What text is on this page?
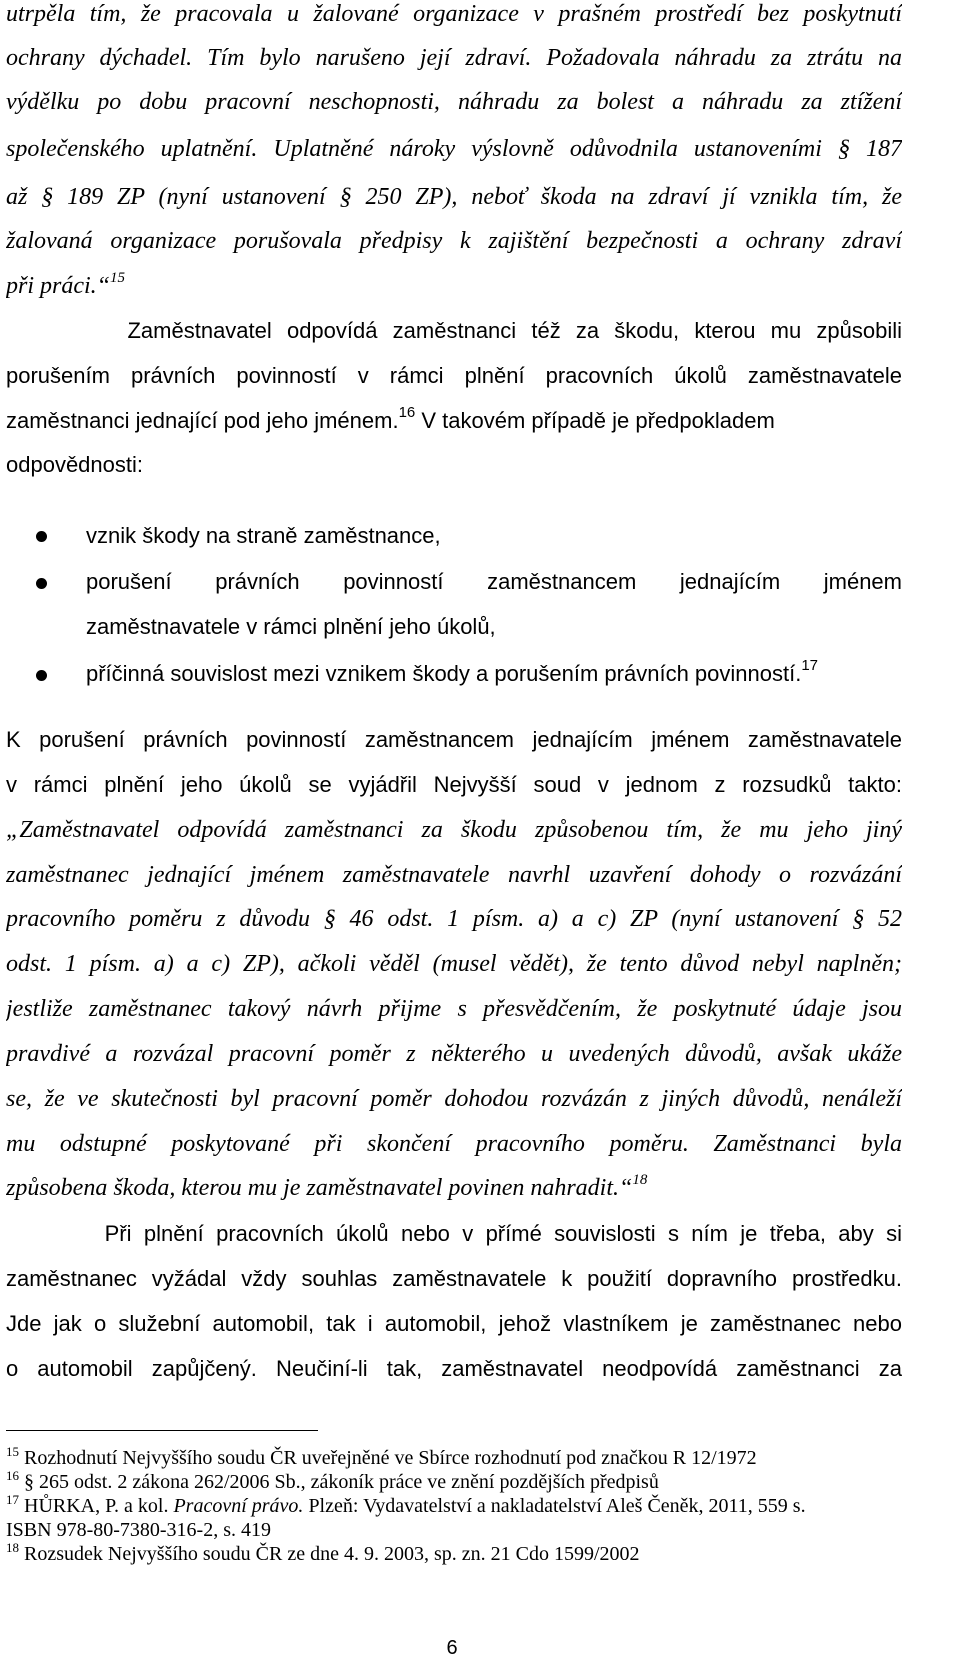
utrpěla tím, že pracovala u žalované organizace v prašném prostředí bez poskytnutí
ochrany dýchadel. Tím bylo narušeno její zdraví. Požadovala náhradu za ztrátu na
výdělku po dobu pracovní neschopnosti, náhradu za bolest a náhradu za ztížení
společenského uplatnění. Uplatněné nároky výslovně odůvodnila ustanoveními § 187
až § 189 ZP (nyní ustanovení § 250 ZP), neboť škoda na zdraví jí vznikla tím, že
žalovaná organizace porušovala předpisy k zajištění bezpečnosti a ochrany zdraví
při práci.“$^{15}$
Zaměstnavatel odpovídá zaměstnanci též za škodu, kterou mu způsobili
porušením právních povinností v rámci plnění pracovních úkolů zaměstnavatele
zaměstnanci jednající pod jeho jménem.$^{16}$ V takovém případě je předpokladem
odpovědnosti:
vznik škody na straně zaměstnance,
porušení právních povinností zaměstnancem jednajícím jménem
zaměstnavatele v rámci plnění jeho úkolů,
příčinná souvislost mezi vznikem škody a porušením právních povinností.$^{17}$
K porušení právních povinností zaměstnancem jednajícím jménem zaměstnavatele
v rámci plnění jeho úkolů se vyjádřil Nejvyšší soud v jednom z rozsudků takto:
„Zaměstnavatel odpovídá zaměstnanci za škodu způsobenou tím, že mu jeho jiný
zaměstnanec jednající jménem zaměstnavatele navrhl uzavření dohody o rozvázání
pracovního poměru z důvodu § 46 odst. 1 písm. a) a c) ZP (nyní ustanovení § 52
odst. 1 písm. a) a c) ZP), ačkoli věděl (musel vědět), že tento důvod nebyl naplněn;
jestliže zaměstnanec takový návrh přijme s přesvědčením, že poskytnuté údaje jsou
pravdivé a rozvázal pracovní poměr z některého u uvedených důvodů, avšak ukáže
se, že ve skutečnosti byl pracovní poměr dohodou rozvázán z jiných důvodů, nenáleží
mu odstupné poskytované při skončení pracovního poměru. Zaměstnanci byla
způsobena škoda, kterou mu je zaměstnavatel povinen nahradit.“$^{18}$
Při plnění pracovních úkolů nebo v přímé souvislosti s ním je třeba, aby si
zaměstnanec vyžádal vždy souhlas zaměstnavatele k použití dopravního prostředku.
Jde jak o služební automobil, tak i automobil, jehož vlastníkem je zaměstnanec nebo
o automobil zapůjčený. Neučiní-li tak, zaměstnavatel neodpovídá zaměstnanci za
$^{15}$ Rozhodnutí Nejvyššího soudu ČR uveřejněné ve Sbírce rozhodnutí pod značkou R 12/1972
$^{16}$ § 265 odst. 2 zákona 262/2006 Sb., zákoník práce ve znění pozdějších předpisů
$^{17}$ HŮRKA, P. a kol. Pracovní právo. Plzeň: Vydavatelství a nakladatelství Aleš Čeněk, 2011, 559 s.
ISBN 978-80-7380-316-2, s. 419
$^{18}$ Rozsudek Nejvyššího soudu ČR ze dne 4. 9. 2003, sp. zn. 21 Cdo 1599/2002
6
